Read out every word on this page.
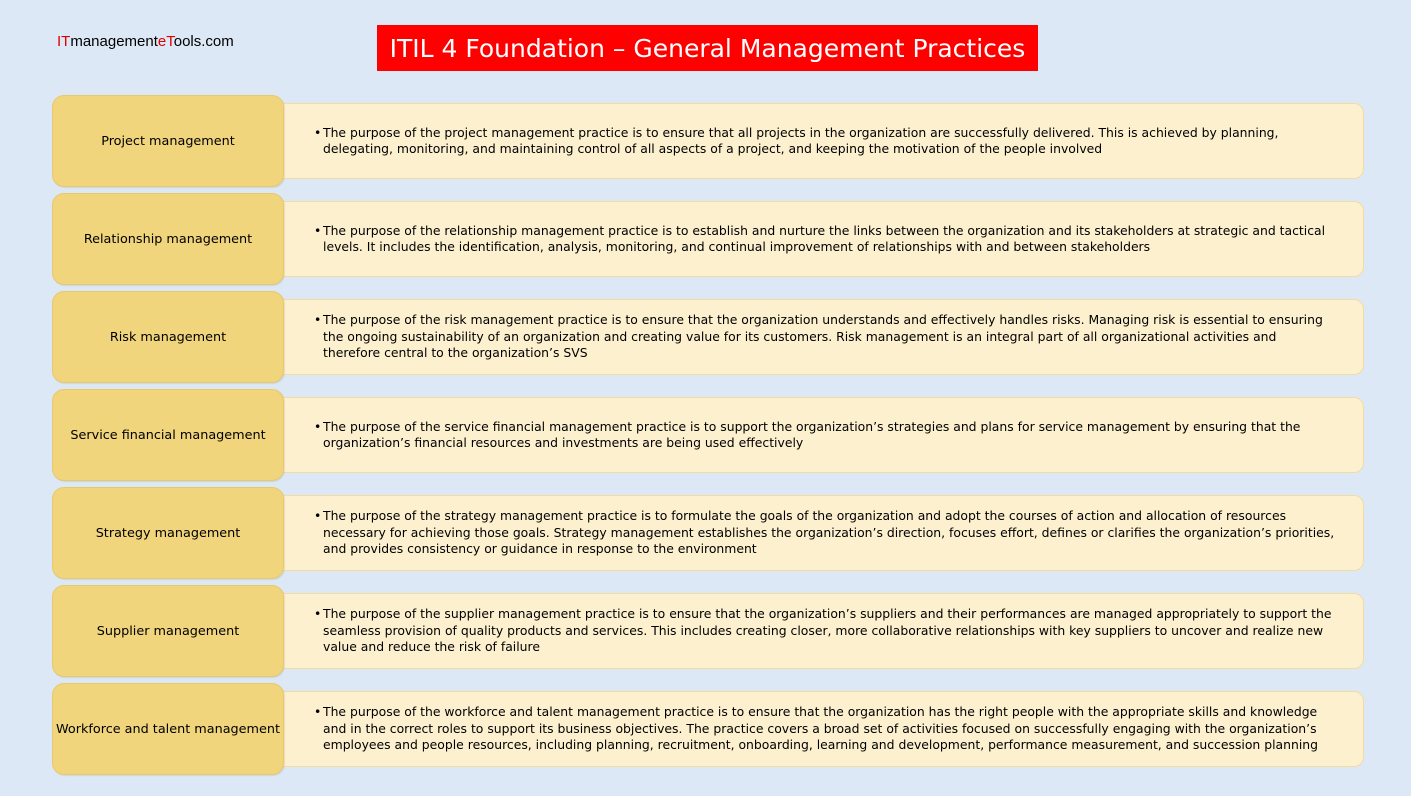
ITmanagementeTools.com	ITIL 4 Foundation – General Management Practices
• The purpose of the project management practice is to ensure that all projects in the organization are successfully delivered. This is achieved by planning, delegating, monitoring, and maintaining control of all aspects of a project, and keeping the motivation of the people involved
Project management
• The purpose of the relationship management practice is to establish and nurture the links between the organization and its stakeholders at strategic and tactical levels. It includes the identification, analysis, monitoring, and continual improvement of relationships with and between stakeholders
Relationship management
• The purpose of the risk management practice is to ensure that the organization understands and effectively handles risks. Managing risk is essential to ensuring the ongoing sustainability of an organization and creating value for its customers. Risk management is an integral part of all organizational activities and therefore central to the organization’s SVS
Risk management
• The purpose of the service financial management practice is to support the organization’s strategies and plans for service management by ensuring that the organization’s financial resources and investments are being used effectively
Service financial management
• The purpose of the strategy management practice is to formulate the goals of the organization and adopt the courses of action and allocation of resources necessary for achieving those goals. Strategy management establishes the organization’s direction, focuses effort, defines or clarifies the organization’s priorities, and provides consistency or guidance in response to the environment
Strategy management
• The purpose of the supplier management practice is to ensure that the organization’s suppliers and their performances are managed appropriately to support the seamless provision of quality products and services. This includes creating closer, more collaborative relationships with key suppliers to uncover and realize new value and reduce the risk of failure
Supplier management
• The purpose of the workforce and talent management practice is to ensure that the organization has the right people with the appropriate skills and knowledge and in the correct roles to support its business objectives. The practice covers a broad set of activities focused on successfully engaging with the organization’s employees and people resources, including planning, recruitment, onboarding, learning and development, performance measurement, and succession planning
Workforce and talent management
